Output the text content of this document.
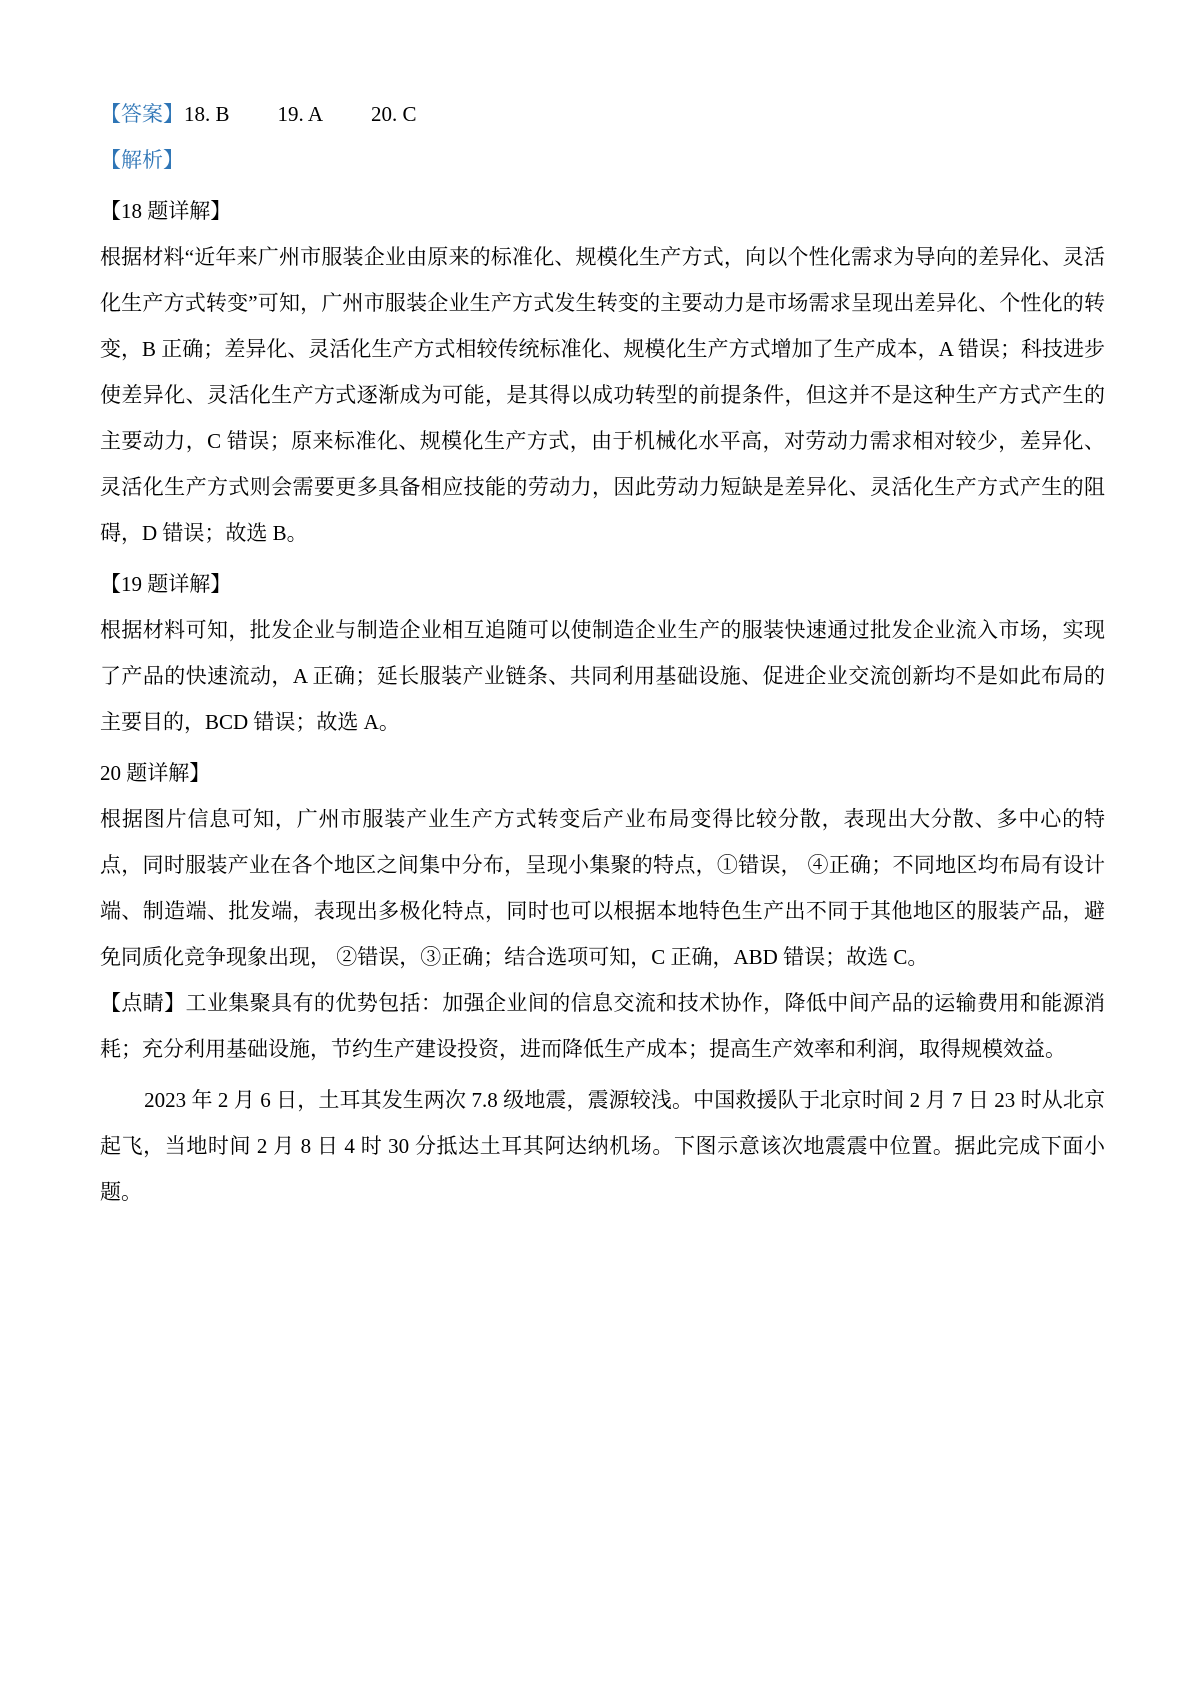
【答案】18. B 19. A 20. C

【解析】

【18 题详解】

根据材料“近年来广州市服装企业由原来的标准化、规模化生产方式，向以个性化需求为导向的差异化、灵活化生产方式转变”可知，广州市服装企业生产方式发生转变的主要动力是市场需求呈现出差异化、个性化的转变，B 正确；差异化、灵活化生产方式相较传统标准化、规模化生产方式增加了生产成本，A 错误；科技进步使差异化、灵活化生产方式逐渐成为可能，是其得以成功转型的前提条件，但这并不是这种生产方式产生的主要动力，C 错误；原来标准化、规模化生产方式，由于机械化水平高，对劳动力需求相对较少，差异化、灵活化生产方式则会需要更多具备相应技能的劳动力，因此劳动力短缺是差异化、灵活化生产方式产生的阻碍，D 错误；故选 B。

【19 题详解】

根据材料可知，批发企业与制造企业相互追随可以使制造企业生产的服装快速通过批发企业流入市场，实现了产品的快速流动，A 正确；延长服装产业链条、共同利用基础设施、促进企业交流创新均不是如此布局的主要目的，BCD 错误；故选 A。

20 题详解】

根据图片信息可知，广州市服装产业生产方式转变后产业布局变得比较分散，表现出大分散、多中心的特点，同时服装产业在各个地区之间集中分布，呈现小集聚的特点，①错误， ④正确；不同地区均布局有设计端、制造端、批发端，表现出多极化特点，同时也可以根据本地特色生产出不同于其他地区的服装产品，避免同质化竞争现象出现， ②错误，③正确；结合选项可知，C 正确，ABD 错误；故选 C。

【点睛】工业集聚具有的优势包括：加强企业间的信息交流和技术协作，降低中间产品的运输费用和能源消耗；充分利用基础设施，节约生产建设投资，进而降低生产成本；提高生产效率和利润，取得规模效益。

2023 年 2 月 6 日，土耳其发生两次 7.8 级地震，震源较浅。中国救援队于北京时间 2 月 7 日 23 时从北京起飞，当地时间 2 月 8 日 4 时 30 分抵达土耳其阿达纳机场。下图示意该次地震震中位置。据此完成下面小题。
